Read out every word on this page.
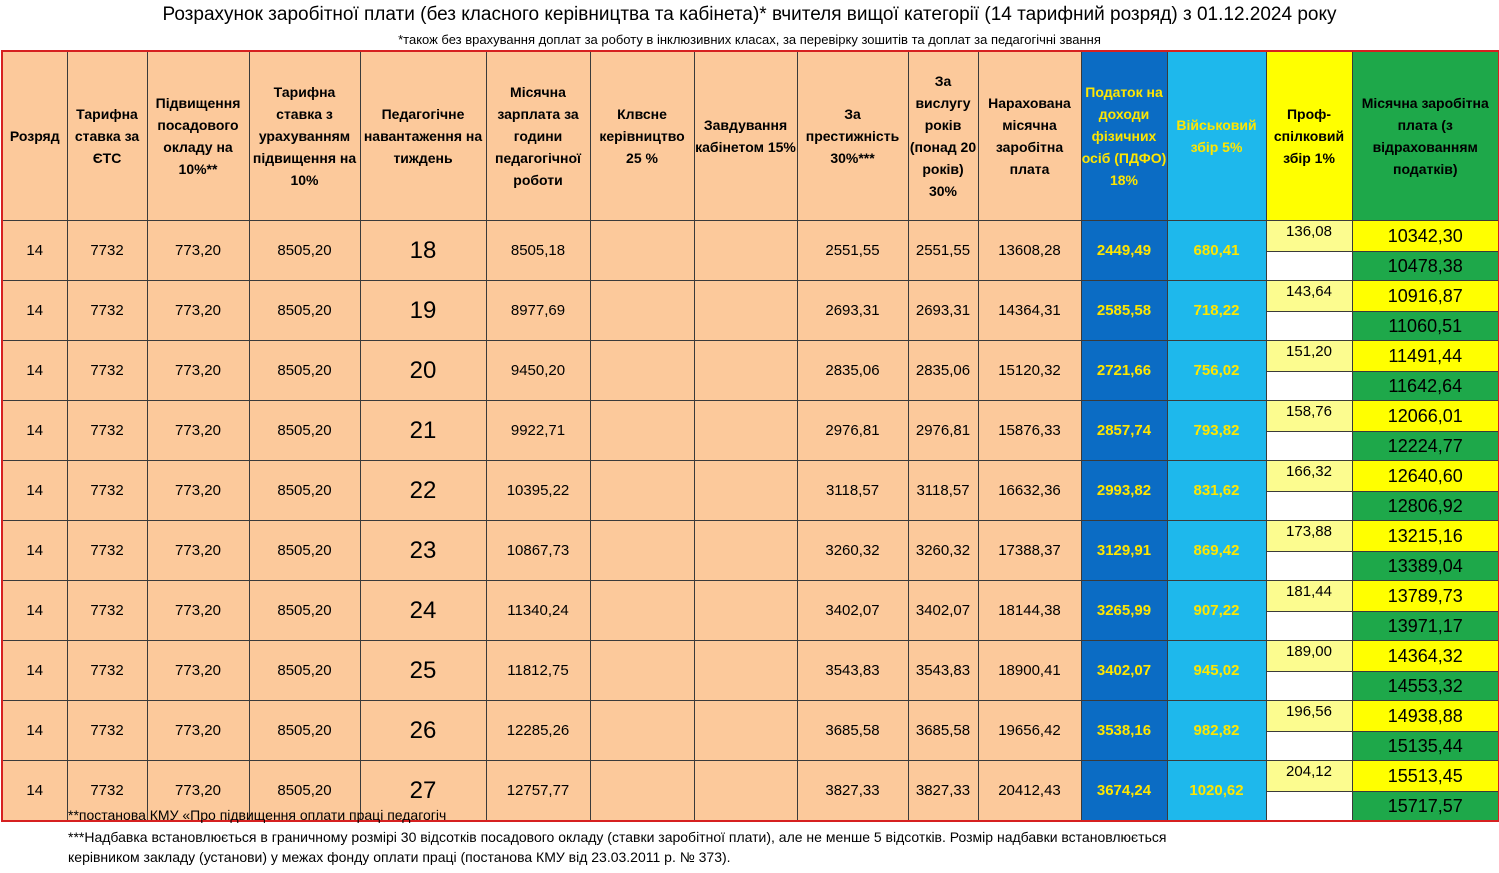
Розрахунок заробітної плати (без класного керівництва та кабінета)* вчителя вищої категорії (14 тарифний розряд) з 01.12.2024 року
*також без врахування доплат за роботу в інклюзивних класах, за перевірку зошитів та доплат за педагогічні звання
Розряд	Тарифна ставка за ЄТС	Підвищення посадового окладу на 10%**	Тарифна ставка з урахуванням підвищення на 10%	Педагогічне навантаження на тиждень	Місячна зарплата за години педагогічної роботи	Клвсне керівництво 25 %	Завдування кабінетом 15%	За престижність 30%***	За вислугу років (понад 20 років) 30%	Нарахована місячна заробітна плата	Податок на доходи фізичних осіб (ПДФО) 18%	Військовий збір 5%	Проф-спілковий збір 1%	Місячна заробітна плата (з відрахованням податків)
14	7732	773,20	8505,20	18	8505,18			2551,55	2551,55	13608,28	2449,49	680,41	136,08	10342,30
														10478,38
14	7732	773,20	8505,20	19	8977,69			2693,31	2693,31	14364,31	2585,58	718,22	143,64	10916,87
														11060,51
14	7732	773,20	8505,20	20	9450,20			2835,06	2835,06	15120,32	2721,66	756,02	151,20	11491,44
														11642,64
14	7732	773,20	8505,20	21	9922,71			2976,81	2976,81	15876,33	2857,74	793,82	158,76	12066,01
														12224,77
14	7732	773,20	8505,20	22	10395,22			3118,57	3118,57	16632,36	2993,82	831,62	166,32	12640,60
														12806,92
14	7732	773,20	8505,20	23	10867,73			3260,32	3260,32	17388,37	3129,91	869,42	173,88	13215,16
														13389,04
14	7732	773,20	8505,20	24	11340,24			3402,07	3402,07	18144,38	3265,99	907,22	181,44	13789,73
														13971,17
14	7732	773,20	8505,20	25	11812,75			3543,83	3543,83	18900,41	3402,07	945,02	189,00	14364,32
														14553,32
14	7732	773,20	8505,20	26	12285,26			3685,58	3685,58	19656,42	3538,16	982,82	196,56	14938,88
														15135,44
14	7732	773,20	8505,20	27	12757,77			3827,33	3827,33	20412,43	3674,24	1020,62	204,12	15513,45
														15717,57
**постанова КМУ «Про підвищення оплати праці педагогіч
***Надбавка встановлюється в граничному розмірі 30 відсотків посадового окладу (ставки заробітної плати), але не менше 5 відсотків. Розмір надбавки встановлюється
керівником закладу (установи) у межах фонду оплати праці (постанова КМУ від 23.03.2011 р. № 373).
